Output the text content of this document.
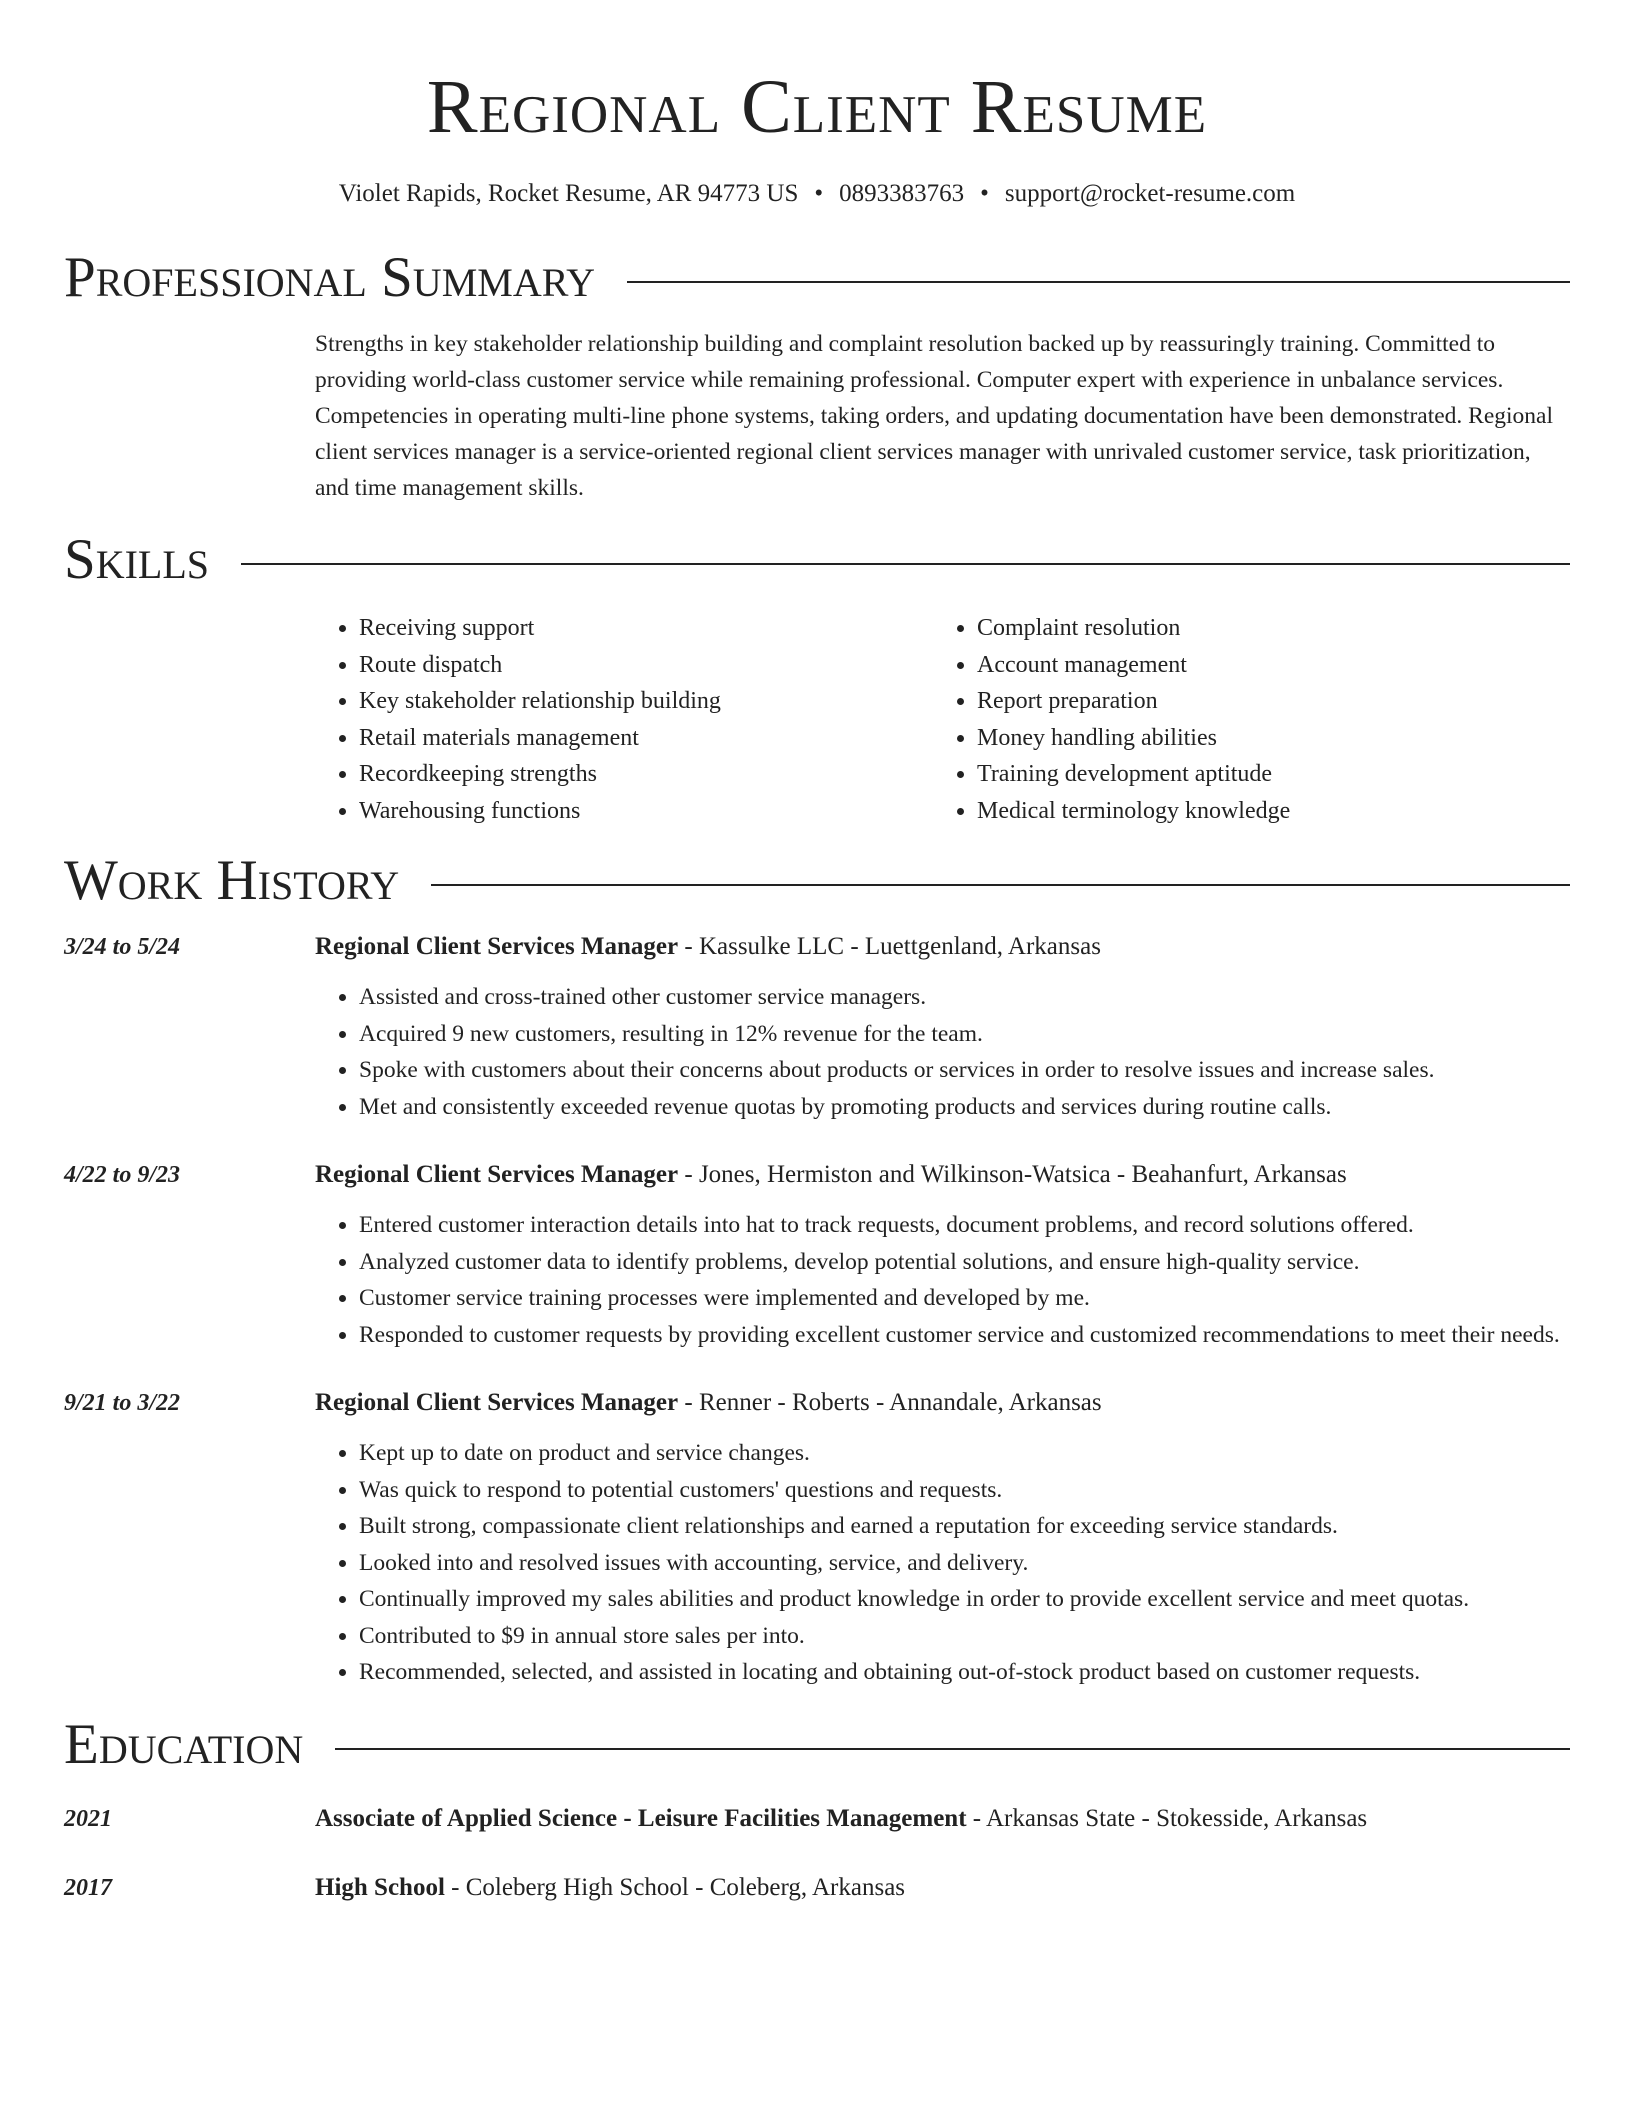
Regional Client Resume
Violet Rapids, Rocket Resume, AR 94773 US • 0893383763 • support@rocket-resume.com
Professional Summary
Strengths in key stakeholder relationship building and complaint resolution backed up by reassuringly training. Committed to providing world-class customer service while remaining professional. Computer expert with experience in unbalance services. Competencies in operating multi-line phone systems, taking orders, and updating documentation have been demonstrated. Regional client services manager is a service-oriented regional client services manager with unrivaled customer service, task prioritization, and time management skills.
Skills
• Receiving support
• Route dispatch
• Key stakeholder relationship building
• Retail materials management
• Recordkeeping strengths
• Warehousing functions
• Complaint resolution
• Account management
• Report preparation
• Money handling abilities
• Training development aptitude
• Medical terminology knowledge
Work History
3/24 to 5/24	Regional Client Services Manager - Kassulke LLC - Luettgenland, Arkansas
• Assisted and cross-trained other customer service managers.
• Acquired 9 new customers, resulting in 12% revenue for the team.
• Spoke with customers about their concerns about products or services in order to resolve issues and increase sales.
• Met and consistently exceeded revenue quotas by promoting products and services during routine calls.
4/22 to 9/23	Regional Client Services Manager - Jones, Hermiston and Wilkinson-Watsica - Beahanfurt, Arkansas
• Entered customer interaction details into hat to track requests, document problems, and record solutions offered.
• Analyzed customer data to identify problems, develop potential solutions, and ensure high-quality service.
• Customer service training processes were implemented and developed by me.
• Responded to customer requests by providing excellent customer service and customized recommendations to meet their needs.
9/21 to 3/22	Regional Client Services Manager - Renner - Roberts - Annandale, Arkansas
• Kept up to date on product and service changes.
• Was quick to respond to potential customers' questions and requests.
• Built strong, compassionate client relationships and earned a reputation for exceeding service standards.
• Looked into and resolved issues with accounting, service, and delivery.
• Continually improved my sales abilities and product knowledge in order to provide excellent service and meet quotas.
• Contributed to $9 in annual store sales per into.
• Recommended, selected, and assisted in locating and obtaining out-of-stock product based on customer requests.
Education
2021	Associate of Applied Science - Leisure Facilities Management - Arkansas State - Stokesside, Arkansas
2017	High School - Coleberg High School - Coleberg, Arkansas
